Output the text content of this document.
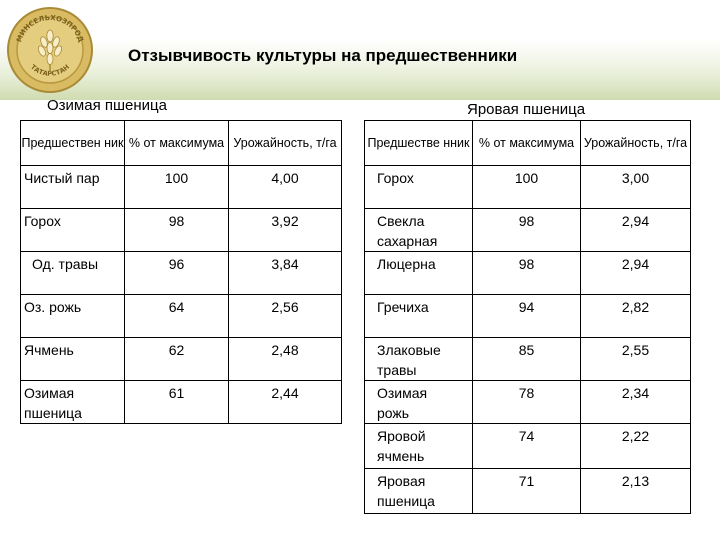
МИНСЕЛЬХОЗПРОД
ТАТАРСТАН
Отзывчивость культуры на предшественники
Озимая пшеница	Яровая пшеница
Предшествен ник	% от максимума	Урожайность, т/га

Чистый пар	100	4,00

Горох	98	3,92

Од. травы	96	3,84

Оз. рожь	64	2,56

Ячмень	62	2,48

Озимая пшеница	61	2,44
Предшестве нник	% от максимума	Урожайность, т/га

Горох	100	3,00

Свекла сахарная	98	2,94

Люцерна	98	2,94

Гречиха	94	2,82

Злаковые травы	85	2,55

Озимая рожь	78	2,34

Яровой ячмень	74	2,22

Яровая пшеница	71	2,13
